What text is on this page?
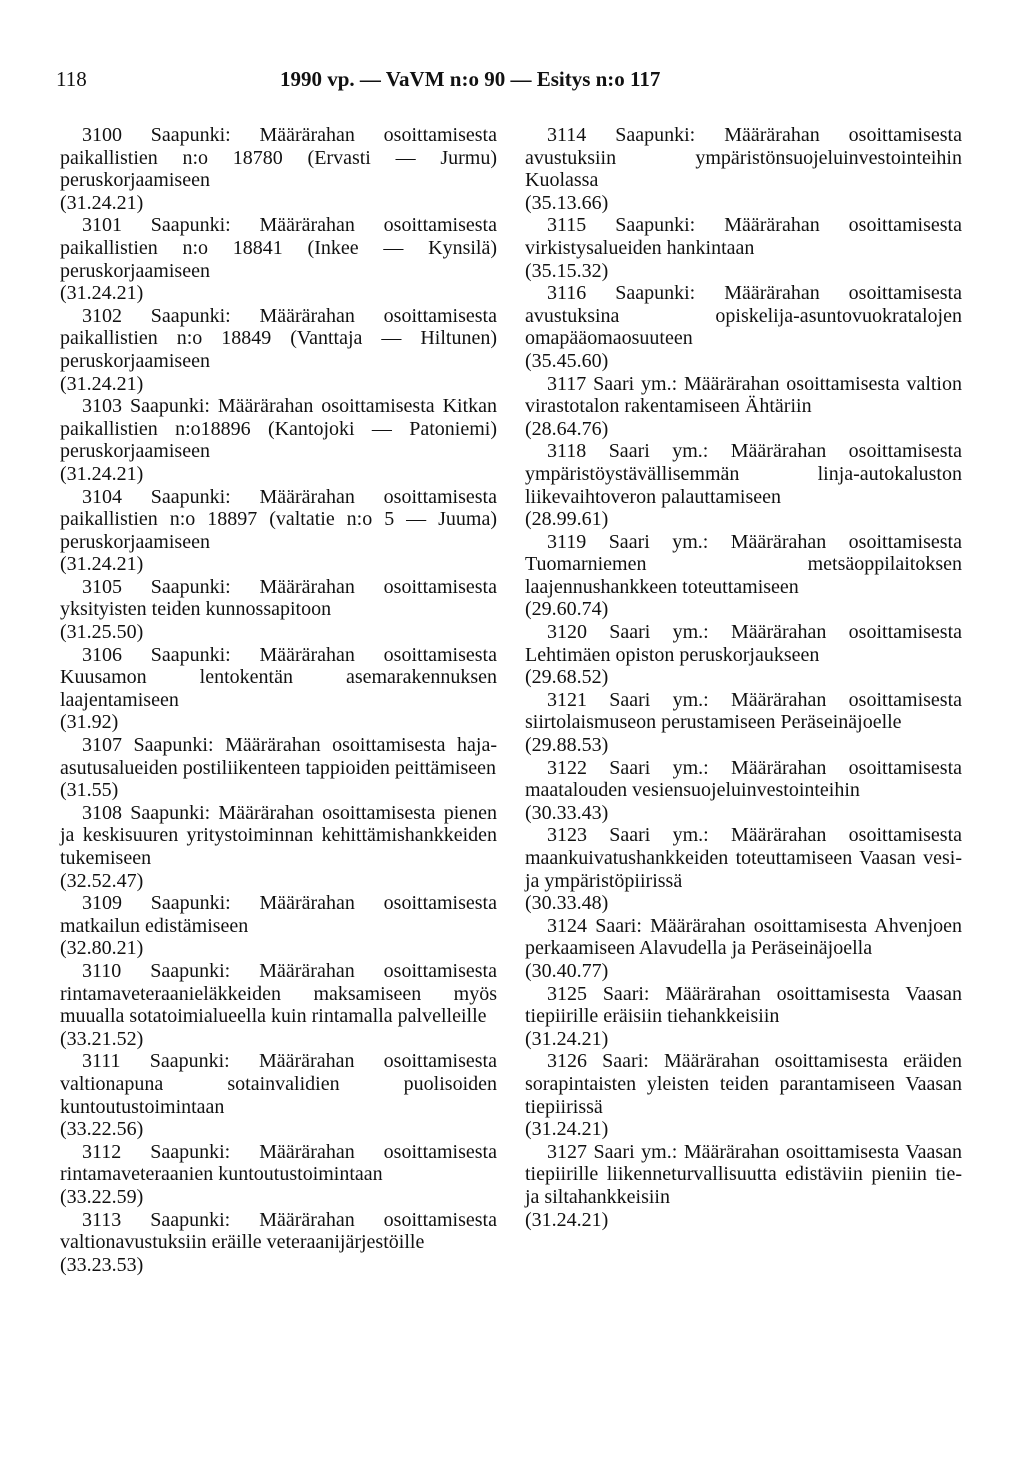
118	1990 vp. — VaVM n:o 90 — Esitys n:o 117

3100 Saapunki: Määrärahan osoittamisesta paikallistien n:o 18780 (Ervasti — Jurmu) peruskorjaamiseen

(31.24.21)

3101 Saapunki: Määrärahan osoittamisesta paikallistien n:o 18841 (Inkee — Kynsilä) peruskorjaamiseen

(31.24.21)

3102 Saapunki: Määrärahan osoittamisesta paikallistien n:o 18849 (Vanttaja — Hiltunen) peruskorjaamiseen

(31.24.21)

3103 Saapunki: Määrärahan osoittamisesta Kitkan paikallistien n:o18896 (Kantojoki — Patoniemi) peruskorjaamiseen

(31.24.21)

3104 Saapunki: Määrärahan osoittamisesta paikallistien n:o 18897 (valtatie n:o 5 — Juuma) peruskorjaamiseen

(31.24.21)

3105 Saapunki: Määrärahan osoittamisesta yksityisten teiden kunnossapitoon

(31.25.50)

3106 Saapunki: Määrärahan osoittamisesta Kuusamon lentokentän asemarakennuksen laajentamiseen

(31.92)

3107 Saapunki: Määrärahan osoittamisesta haja-asutusalueiden postiliikenteen tappioiden peittämiseen

(31.55)

3108 Saapunki: Määrärahan osoittamisesta pienen ja keskisuuren yritystoiminnan kehittämishankkeiden tukemiseen

(32.52.47)

3109 Saapunki: Määrärahan osoittamisesta matkailun edistämiseen

(32.80.21)

3110 Saapunki: Määrärahan osoittamisesta rintamaveteraanieläkkeiden maksamiseen myös muualla sotatoimialueella kuin rintamalla palvelleille

(33.21.52)

3111 Saapunki: Määrärahan osoittamisesta valtionapuna sotainvalidien puolisoiden kuntoutustoimintaan

(33.22.56)

3112 Saapunki: Määrärahan osoittamisesta rintamaveteraanien kuntoutustoimintaan

(33.22.59)

3113 Saapunki: Määrärahan osoittamisesta valtionavustuksiin eräille veteraanijärjestöille

(33.23.53)

3114 Saapunki: Määrärahan osoittamisesta avustuksiin ympäristönsuojeluinvestointeihin Kuolassa

(35.13.66)

3115 Saapunki: Määrärahan osoittamisesta virkistysalueiden hankintaan

(35.15.32)

3116 Saapunki: Määrärahan osoittamisesta avustuksina opiskelija-asuntovuokratalojen omapääomaosuuteen

(35.45.60)

3117 Saari ym.: Määrärahan osoittamisesta valtion virastotalon rakentamiseen Ähtäriin

(28.64.76)

3118 Saari ym.: Määrärahan osoittamisesta ympäristöystävällisemmän linja-autokaluston liikevaihtoveron palauttamiseen

(28.99.61)

3119 Saari ym.: Määrärahan osoittamisesta Tuomarniemen metsäoppilaitoksen laajennushankkeen toteuttamiseen

(29.60.74)

3120 Saari ym.: Määrärahan osoittamisesta Lehtimäen opiston peruskorjaukseen

(29.68.52)

3121 Saari ym.: Määrärahan osoittamisesta siirtolaismuseon perustamiseen Peräseinäjoelle

(29.88.53)

3122 Saari ym.: Määrärahan osoittamisesta maatalouden vesiensuojeluinvestointeihin

(30.33.43)

3123 Saari ym.: Määrärahan osoittamisesta maankuivatushankkeiden toteuttamiseen Vaasan vesi- ja ympäristöpiirissä

(30.33.48)

3124 Saari: Määrärahan osoittamisesta Ahvenjoen perkaamiseen Alavudella ja Peräseinäjoella

(30.40.77)

3125 Saari: Määrärahan osoittamisesta Vaasan tiepiirille eräisiin tiehankkeisiin

(31.24.21)

3126 Saari: Määrärahan osoittamisesta eräiden sorapintaisten yleisten teiden parantamiseen Vaasan tiepiirissä

(31.24.21)

3127 Saari ym.: Määrärahan osoittamisesta Vaasan tiepiirille liikenneturvallisuutta edistäviin pieniin tie- ja siltahankkeisiin

(31.24.21)
